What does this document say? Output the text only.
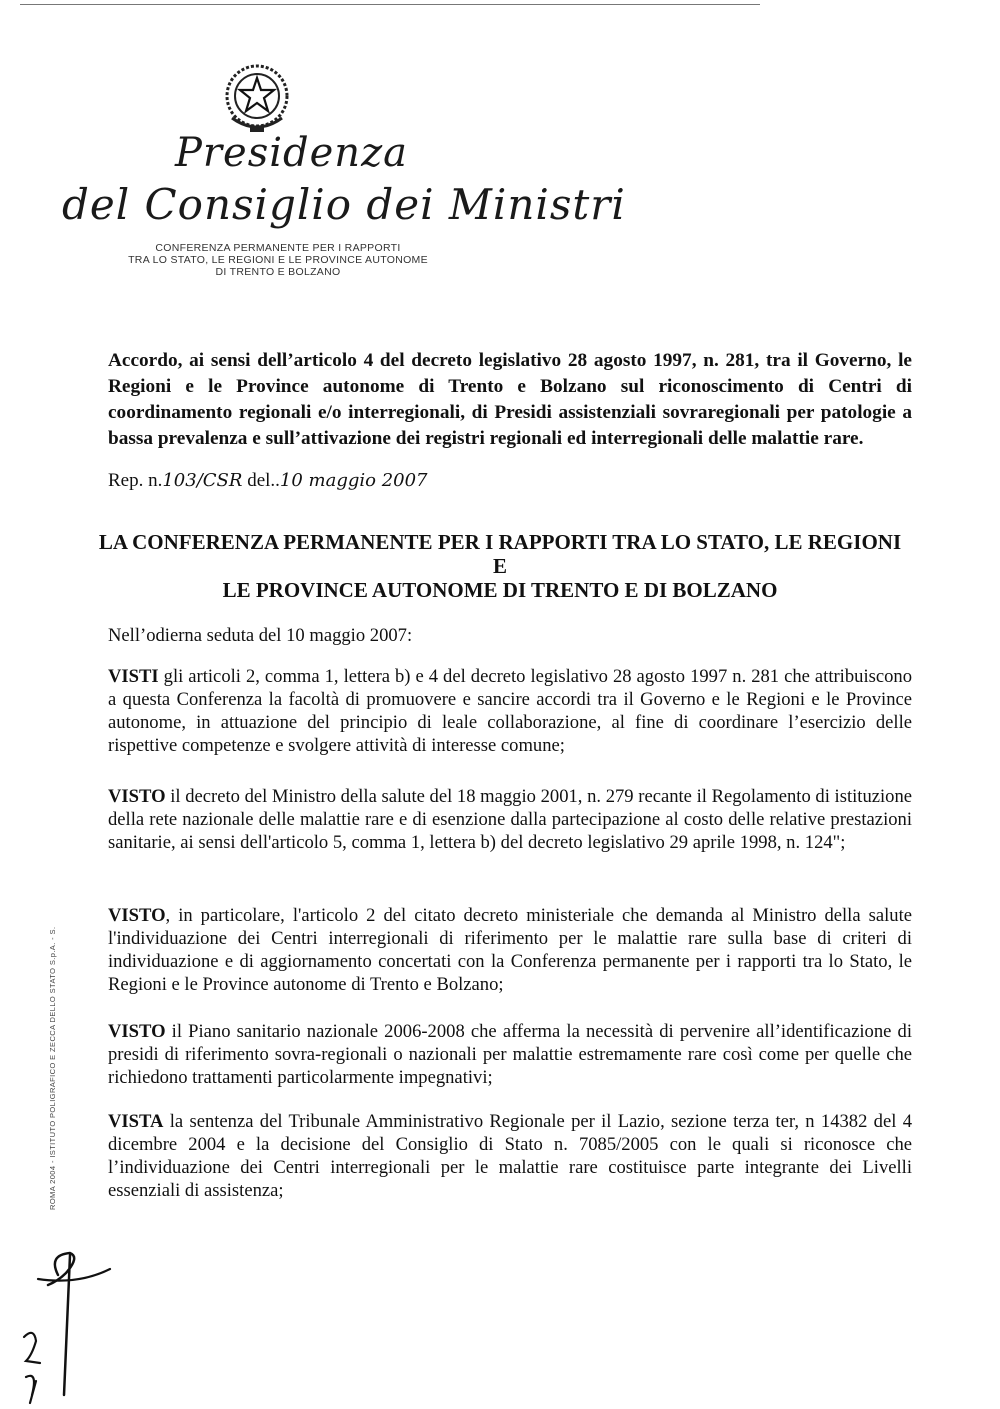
Presidenza
del Consiglio dei Ministri
CONFERENZA PERMANENTE PER I RAPPORTI
TRA LO STATO, LE REGIONI E LE PROVINCE AUTONOME
DI TRENTO E BOLZANO
Accordo, ai sensi dell’articolo 4 del decreto legislativo 28 agosto 1997, n. 281, tra il Governo, le Regioni e le Province autonome di Trento e Bolzano sul riconoscimento di Centri di coordinamento regionali e/o interregionali, di Presidi assistenziali sovraregionali per patologie a bassa prevalenza e sull’attivazione dei registri regionali ed interregionali delle malattie rare.
Rep. n.103/CSR del..10 maggio 2007
LA CONFERENZA PERMANENTE PER I RAPPORTI TRA LO STATO, LE REGIONI E
LE PROVINCE AUTONOME DI TRENTO E DI BOLZANO
Nell’odierna seduta del 10 maggio 2007:
VISTI gli articoli 2, comma 1, lettera b) e 4 del decreto legislativo 28 agosto 1997 n. 281 che attribuiscono a questa Conferenza la facoltà di promuovere e sancire accordi tra il Governo e le Regioni e le Province autonome, in attuazione del principio di leale collaborazione, al fine di coordinare l’esercizio delle rispettive competenze e svolgere attività di interesse comune;
VISTO il decreto del Ministro della salute del 18 maggio 2001, n. 279 recante il Regolamento di istituzione della rete nazionale delle malattie rare e di esenzione dalla partecipazione al costo delle relative prestazioni sanitarie, ai sensi dell'articolo 5, comma 1, lettera b) del decreto legislativo 29 aprile 1998, n. 124";
VISTO, in particolare, l'articolo 2 del citato decreto ministeriale che demanda al Ministro della salute l'individuazione dei Centri interregionali di riferimento per le malattie rare sulla base di criteri di individuazione e di aggiornamento concertati con la Conferenza permanente per i rapporti tra lo Stato, le Regioni e le Province autonome di Trento e Bolzano;
VISTO il Piano sanitario nazionale 2006-2008 che afferma la necessità di pervenire all’identificazione di presidi di riferimento sovra-regionali o nazionali per malattie estremamente rare così come per quelle che richiedono trattamenti particolarmente impegnativi;
VISTA la sentenza del Tribunale Amministrativo Regionale per il Lazio, sezione terza ter, n 14382 del 4 dicembre 2004 e la decisione del Consiglio di Stato n. 7085/2005 con le quali si riconosce che l’individuazione dei Centri interregionali per le malattie rare costituisce parte integrante dei Livelli essenziali di assistenza;
ROMA 2004 - ISTITUTO POLIGRAFICO E ZECCA DELLO STATO S.p.A. - S.
